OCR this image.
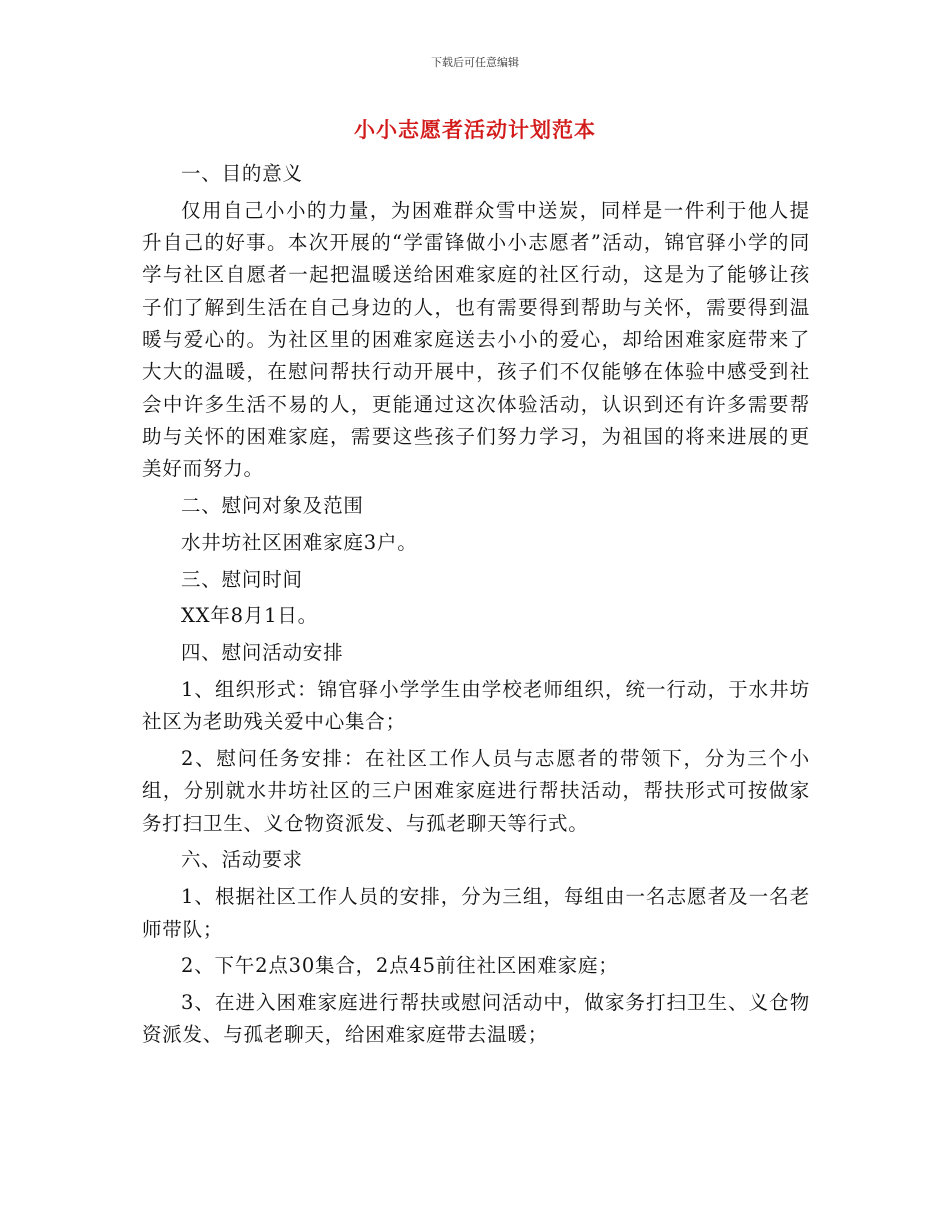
下载后可任意编辑
小小志愿者活动计划范本

一、目的意义

仅用自己小小的力量，为困难群众雪中送炭，同样是一件利于他人提升自己的好事。本次开展的“学雷锋做小小志愿者”活动，锦官驿小学的同学与社区自愿者一起把温暖送给困难家庭的社区行动，这是为了能够让孩子们了解到生活在自己身边的人，也有需要得到帮助与关怀，需要得到温暖与爱心的。为社区里的困难家庭送去小小的爱心，却给困难家庭带来了大大的温暖，在慰问帮扶行动开展中，孩子们不仅能够在体验中感受到社会中许多生活不易的人，更能通过这次体验活动，认识到还有许多需要帮助与关怀的困难家庭，需要这些孩子们努力学习，为祖国的将来进展的更美好而努力。

二、慰问对象及范围

水井坊社区困难家庭3户。

三、慰问时间

XX年8月1日。

四、慰问活动安排

1、组织形式：锦官驿小学学生由学校老师组织，统一行动，于水井坊社区为老助残关爱中心集合；

2、慰问任务安排：在社区工作人员与志愿者的带领下，分为三个小组，分别就水井坊社区的三户困难家庭进行帮扶活动，帮扶形式可按做家务打扫卫生、义仓物资派发、与孤老聊天等行式。

六、活动要求

1、根据社区工作人员的安排，分为三组，每组由一名志愿者及一名老师带队；

2、下午2点30集合，2点45前往社区困难家庭；

3、在进入困难家庭进行帮扶或慰问活动中，做家务打扫卫生、义仓物资派发、与孤老聊天，给困难家庭带去温暖；
